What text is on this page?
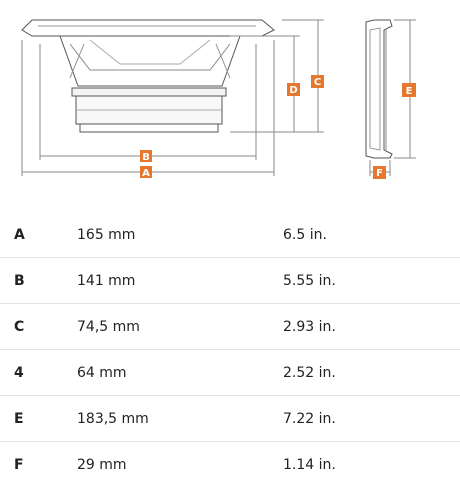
B
A
D
C
E
F
A	165 mm	6.5 in.
B	141 mm	5.55 in.
C	74,5 mm	2.93 in.
4	64 mm	2.52 in.
E	183,5 mm	7.22 in.
F	29 mm	1.14 in.
